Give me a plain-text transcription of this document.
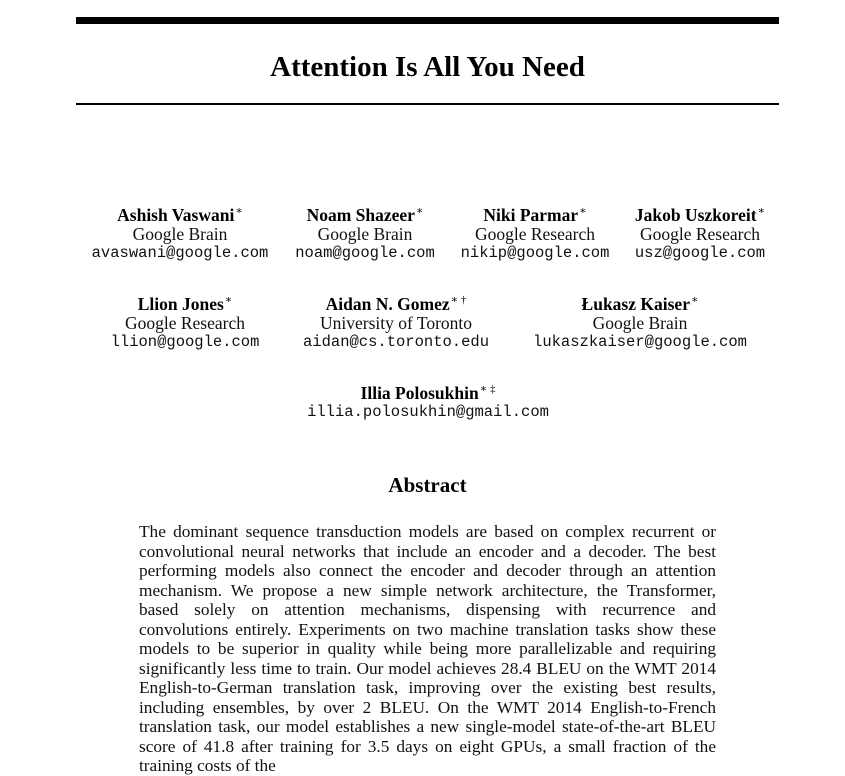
Attention Is All You Need
Ashish Vaswani∗
Google Brain
avaswani@google.com
Noam Shazeer∗
Google Brain
noam@google.com
Niki Parmar∗
Google Research
nikip@google.com
Jakob Uszkoreit∗
Google Research
usz@google.com
Llion Jones∗
Google Research
llion@google.com
Aidan N. Gomez∗ †
University of Toronto
aidan@cs.toronto.edu
Łukasz Kaiser∗
Google Brain
lukaszkaiser@google.com
Illia Polosukhin∗ ‡
illia.polosukhin@gmail.com
Abstract

The dominant sequence transduction models are based on complex recurrent or convolutional neural networks that include an encoder and a decoder. The best performing models also connect the encoder and decoder through an attention mechanism. We propose a new simple network architecture, the Transformer, based solely on attention mechanisms, dispensing with recurrence and convolutions entirely. Experiments on two machine translation tasks show these models to be superior in quality while being more parallelizable and requiring significantly less time to train. Our model achieves 28.4 BLEU on the WMT 2014 English-to-German translation task, improving over the existing best results, including ensembles, by over 2 BLEU. On the WMT 2014 English-to-French translation task, our model establishes a new single-model state-of-the-art BLEU score of 41.8 after training for 3.5 days on eight GPUs, a small fraction of the training costs of the
